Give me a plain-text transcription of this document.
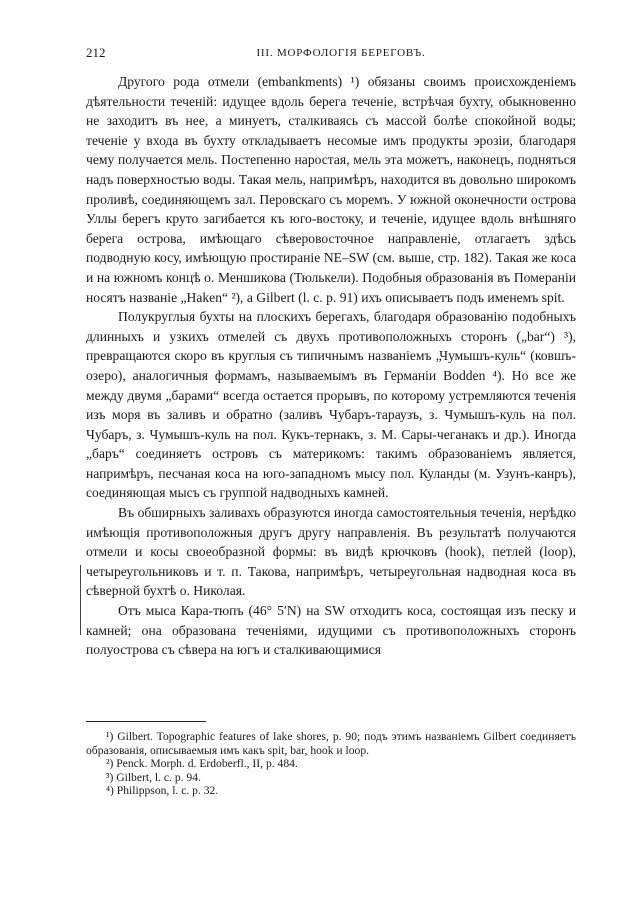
212	III. МОРФОЛОГІЯ БЕРЕГОВЪ.

Другого рода отмели (embankments) ¹) обязаны своимъ происхожденіемъ дѣятельности теченій: идущее вдоль берега теченіе, встрѣчая бухту, обыкновенно не заходитъ въ нее, а минуетъ, сталкиваясь съ массой болѣе спокойной воды; теченіе у входа въ бухту откладываетъ несомые имъ продукты эрозіи, благодаря чему получается мель. Постепенно наростая, мель эта можетъ, наконецъ, подняться надъ поверхностью воды. Такая мель, напримѣръ, находится въ довольно широкомъ проливѣ, соединяющемъ зал. Перовскаго съ моремъ. У южной оконечности острова Уллы берегъ круто загибается къ юго-востоку, и теченіе, идущее вдоль внѣшняго берега острова, имѣющаго сѣверовосточное направленіе, отлагаетъ здѣсь подводную косу, имѣющую простираніе NE–SW (см. выше, стр. 182). Такая же коса и на южномъ концѣ о. Меншикова (Тюлькели). Подобныя образованія въ Помераніи носятъ названіе „Haken“ ²), а Gilbert (l. c. p. 91) ихъ описываетъ подъ именемъ spit.

Полукруглыя бухты на плоскихъ берегахъ, благодаря образованію подобныхъ длинныхъ и узкихъ отмелей съ двухъ противоположныхъ сторонъ („bar“) ³), превращаются скоро въ круглыя съ типичнымъ названіемъ „Чумышъ-куль“ (ковшъ-озеро), аналогичныя формамъ, называемымъ въ Германіи Bodden ⁴). Но все же между двумя „барами“ всегда остается прорывъ, по которому устремляются теченія изъ моря въ заливъ и обратно (заливъ Чубаръ-тараузъ, з. Чумышъ-куль на пол. Чубаръ, з. Чумышъ-куль на пол. Кукъ-тернакъ, з. М. Сары-чеганакъ и др.). Иногда „баръ“ соединяетъ островъ съ материкомъ: такимъ образованіемъ является, напримѣръ, песчаная коса на юго-западномъ мысу пол. Куланды (м. Узунъ-канръ), соединяющая мысъ съ группой надводныхъ камней.

Въ обширныхъ заливахъ образуются иногда самостоятельныя теченія, нерѣдко имѣющія противоположныя другъ другу направленія. Въ результатѣ получаются отмели и косы своеобразной формы: въ видѣ крючковъ (hook), петлей (loop), четыреугольниковъ и т. п. Такова, напримѣръ, четыреугольная надводная коса въ сѣверной бухтѣ о. Николая.

Отъ мыса Кара-тюпъ (46° 5′N) на SW отходитъ коса, состоящая изъ песку и камней; она образована теченіями, идущими съ противоположныхъ сторонъ полуострова съ сѣвера на югъ и сталкивающимися

¹) Gilbert. Topographic features of lake shores, p. 90; подъ этимъ названіемъ Gilbert соединяетъ образованія, описываемыя имъ какъ spit, bar, hook и loop.

²) Penck. Morph. d. Erdoberfl., II, p. 484.

³) Gilbert, l. c. p. 94.

⁴) Philippson, l. c. p. 32.
